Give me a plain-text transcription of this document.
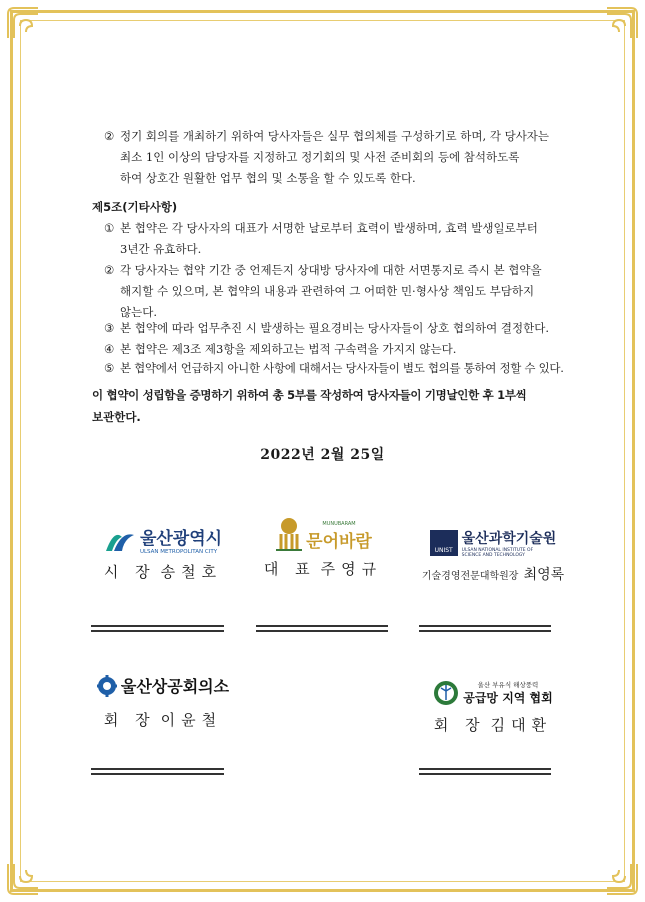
② 정기 회의를 개최하기 위하여 당사자들은 실무 협의체를 구성하기로 하며, 각 당사자는
최소 1인 이상의 담당자를 지정하고 정기회의 및 사전 준비회의 등에 참석하도록
하여 상호간 원활한 업무 협의 및 소통을 할 수 있도록 한다.
제5조(기타사항)
① 본 협약은 각 당사자의 대표가 서명한 날로부터 효력이 발생하며, 효력 발생일로부터
3년간 유효하다.
② 각 당사자는 협약 기간 중 언제든지 상대방 당사자에 대한 서면통지로 즉시 본 협약을
해지할 수 있으며, 본 협약의 내용과 관련하여 그 어떠한 민·형사상 책임도 부담하지
않는다.
③ 본 협약에 따라 업무추진 시 발생하는 필요경비는 당사자들이 상호 협의하여 결정한다.
④ 본 협약은 제3조 제3항을 제외하고는 법적 구속력을 가지지 않는다.
⑤ 본 협약에서 언급하지 아니한 사항에 대해서는 당사자들이 별도 협의를 통하여 정할 수 있다.
이 협약이 성립함을 증명하기 위하여 총 5부를 작성하여 당사자들이 기명날인한 후 1부씩
보관한다.
2022년 2월 25일
울산광역시
ULSAN METROPOLITAN CITY
시 장 송철호
MUNUBARAM
문어바람
대 표 주영규
UNIST
울산과학기술원
ULSAN NATIONAL INSTITUTE OF
SCIENCE AND TECHNOLOGY
기술경영전문대학원장 최영록
울산상공회의소
회 장 이윤철
울산 부유식 해상풍력
공급망 지역 협회
회 장 김대환
